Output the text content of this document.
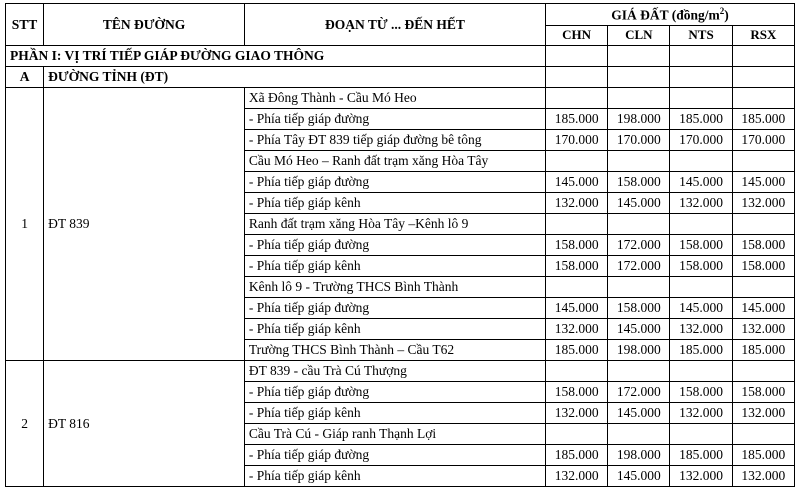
STT	TÊN ĐƯỜNG	ĐOẠN TỪ ... ĐẾN HẾT	GIÁ ĐẤT $(đồng/m^2)$			
			CHN	CLN	NTS	RSX
PHẦN I: VỊ TRÍ TIẾP GIÁP ĐƯỜNG GIAO THÔNG						
A	ĐƯỜNG TỈNH (ĐT)					
1	ĐT 839	Xã Đông Thành - Cầu Mó Heo				
		- Phía tiếp giáp đường	185.000	198.000	185.000	185.000
		- Phía Tây ĐT 839 tiếp giáp đường bê tông	170.000	170.000	170.000	170.000
		Cầu Mó Heo – Ranh đất trạm xăng Hòa Tây				
		- Phía tiếp giáp đường	145.000	158.000	145.000	145.000
		- Phía tiếp giáp kênh	132.000	145.000	132.000	132.000
		Ranh đất trạm xăng Hòa Tây –Kênh lô 9				
		- Phía tiếp giáp đường	158.000	172.000	158.000	158.000
		- Phía tiếp giáp kênh	158.000	172.000	158.000	158.000
		Kênh lô 9 - Trường THCS Bình Thành				
		- Phía tiếp giáp đường	145.000	158.000	145.000	145.000
		- Phía tiếp giáp kênh	132.000	145.000	132.000	132.000
		Trường THCS Bình Thành – Cầu T62	185.000	198.000	185.000	185.000
2	ĐT 816	ĐT 839 - cầu Trà Cú Thượng				
		- Phía tiếp giáp đường	158.000	172.000	158.000	158.000
		- Phía tiếp giáp kênh	132.000	145.000	132.000	132.000
		Cầu Trà Cú - Giáp ranh Thạnh Lợi				
		- Phía tiếp giáp đường	185.000	198.000	185.000	185.000
		- Phía tiếp giáp kênh	132.000	145.000	132.000	132.000
